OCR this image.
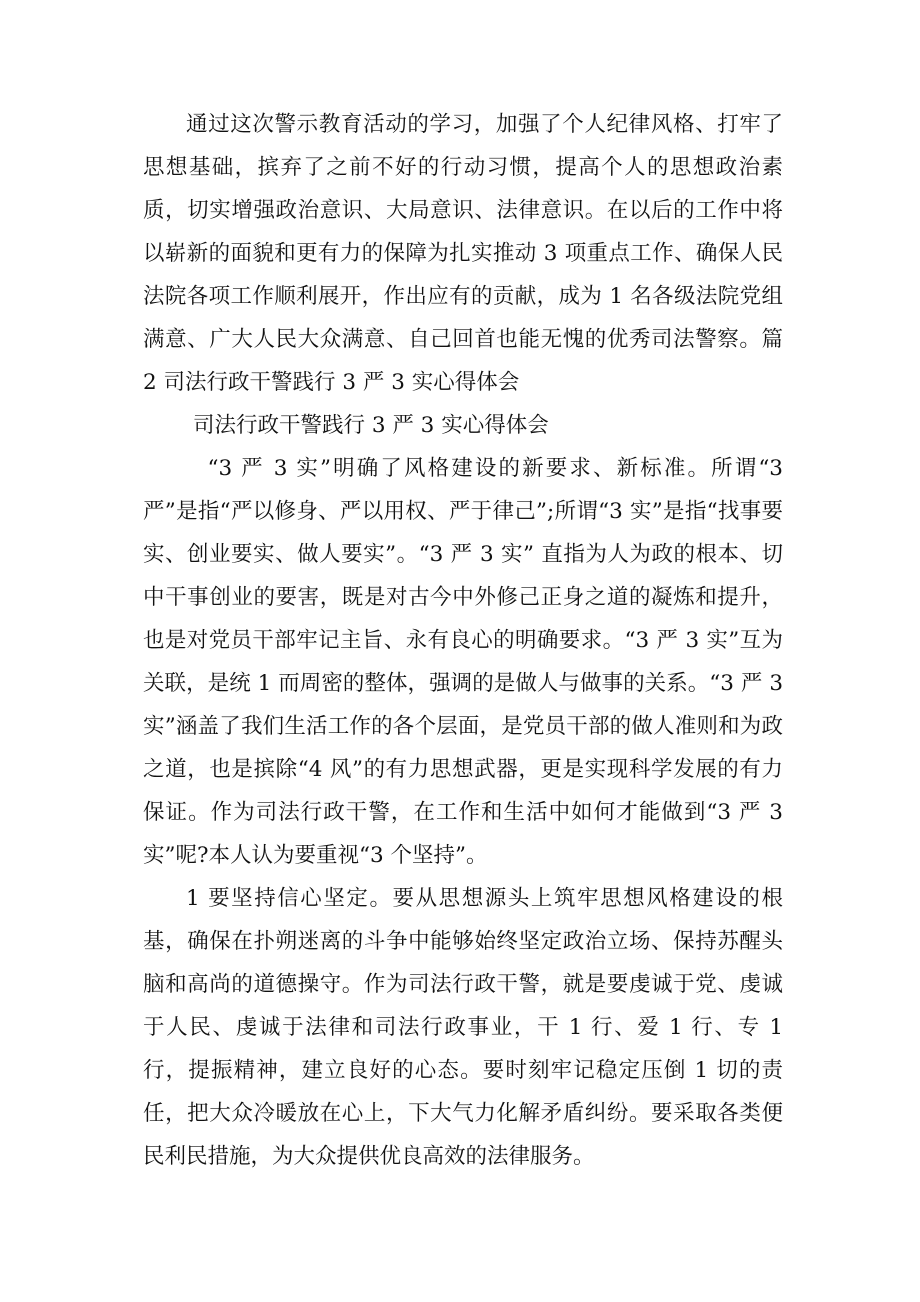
通过这次警示教育活动的学习，加强了个人纪律风格、打牢了思想基础，摈弃了之前不好的行动习惯，提高个人的思想政治素质，切实增强政治意识、大局意识、法律意识。在以后的工作中将以崭新的面貌和更有力的保障为扎实推动 3 项重点工作、确保人民法院各项工作顺利展开，作出应有的贡献，成为 1 名各级法院党组满意、广大人民大众满意、自己回首也能无愧的优秀司法警察。篇 2 司法行政干警践行 3 严 3 实心得体会

司法行政干警践行 3 严 3 实心得体会

“3 严 3 实”明确了风格建设的新要求、新标准。所谓“3 严”是指“严以修身、严以用权、严于律己”;所谓“3 实”是指“找事要实、创业要实、做人要实”。“3 严 3 实” 直指为人为政的根本、切中干事创业的要害，既是对古今中外修己正身之道的凝炼和提升，也是对党员干部牢记主旨、永有良心的明确要求。“3 严 3 实”互为关联，是统 1 而周密的整体，强调的是做人与做事的关系。“3 严 3 实”涵盖了我们生活工作的各个层面，是党员干部的做人准则和为政之道，也是摈除“4 风”的有力思想武器，更是实现科学发展的有力保证。作为司法行政干警，在工作和生活中如何才能做到“3 严 3 实”呢?本人认为要重视“3 个坚持”。

1 要坚持信心坚定。要从思想源头上筑牢思想风格建设的根基，确保在扑朔迷离的斗争中能够始终坚定政治立场、保持苏醒头脑和高尚的道德操守。作为司法行政干警，就是要虔诚于党、虔诚于人民、虔诚于法律和司法行政事业，干 1 行、爱 1 行、专 1 行，提振精神，建立良好的心态。要时刻牢记稳定压倒 1 切的责任，把大众冷暖放在心上，下大气力化解矛盾纠纷。要采取各类便民利民措施，为大众提供优良高效的法律服务。
